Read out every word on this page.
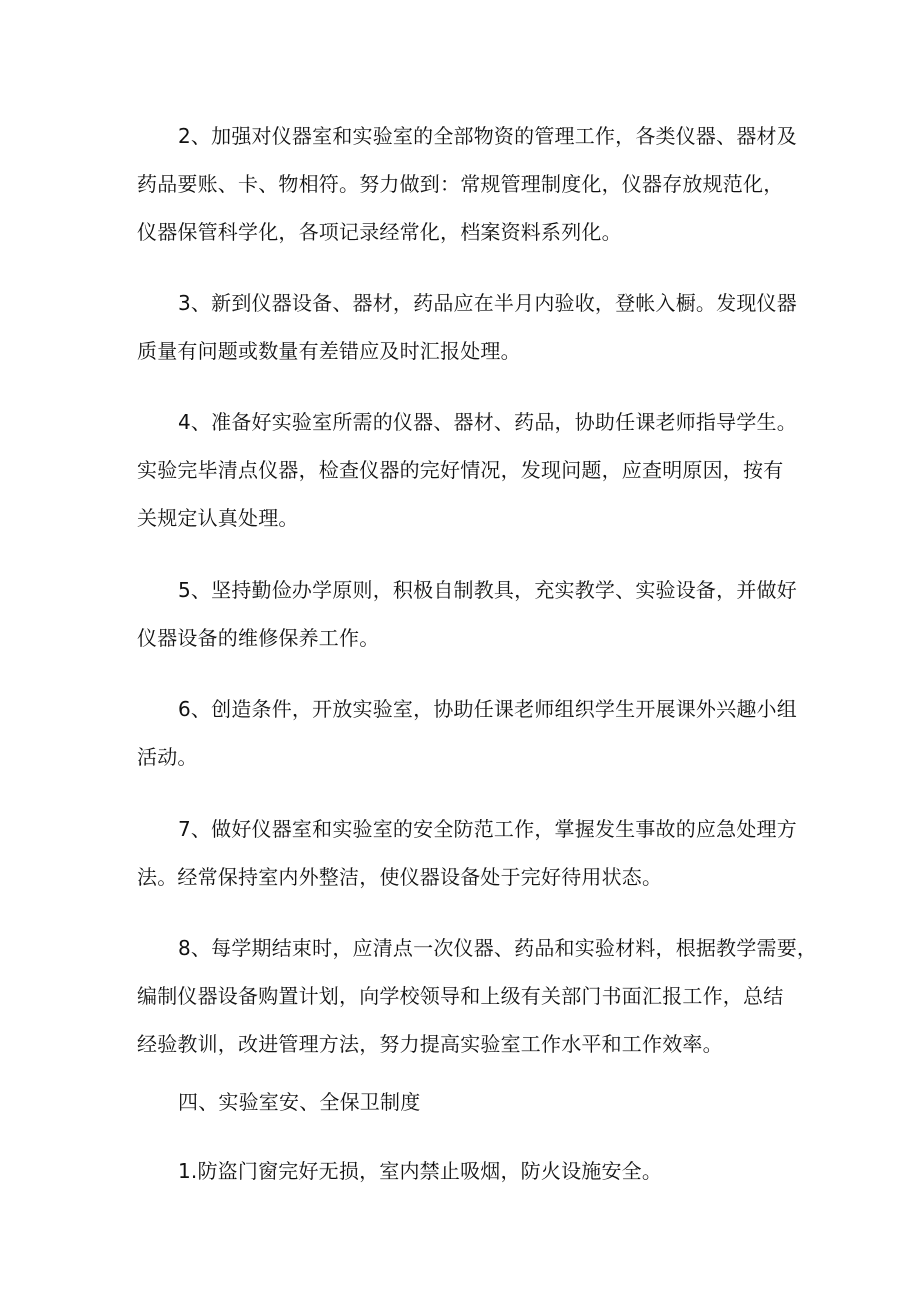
2、加强对仪器室和实验室的全部物资的管理工作，各类仪器、器材及
药品要账、卡、物相符。努力做到：常规管理制度化，仪器存放规范化，
仪器保管科学化，各项记录经常化，档案资料系列化。
3、新到仪器设备、器材，药品应在半月内验收，登帐入橱。发现仪器
质量有问题或数量有差错应及时汇报处理。
4、准备好实验室所需的仪器、器材、药品，协助任课老师指导学生。
实验完毕清点仪器，检查仪器的完好情况，发现问题，应查明原因，按有
关规定认真处理。
5、坚持勤俭办学原则，积极自制教具，充实教学、实验设备，并做好
仪器设备的维修保养工作。
6、创造条件，开放实验室，协助任课老师组织学生开展课外兴趣小组
活动。
7、做好仪器室和实验室的安全防范工作，掌握发生事故的应急处理方
法。经常保持室内外整洁，使仪器设备处于完好待用状态。
8、每学期结束时，应清点一次仪器、药品和实验材料，根据教学需要，
编制仪器设备购置计划，向学校领导和上级有关部门书面汇报工作，总结
经验教训，改进管理方法，努力提高实验室工作水平和工作效率。
四、实验室安、全保卫制度
1.防盗门窗完好无损，室内禁止吸烟，防火设施安全。
